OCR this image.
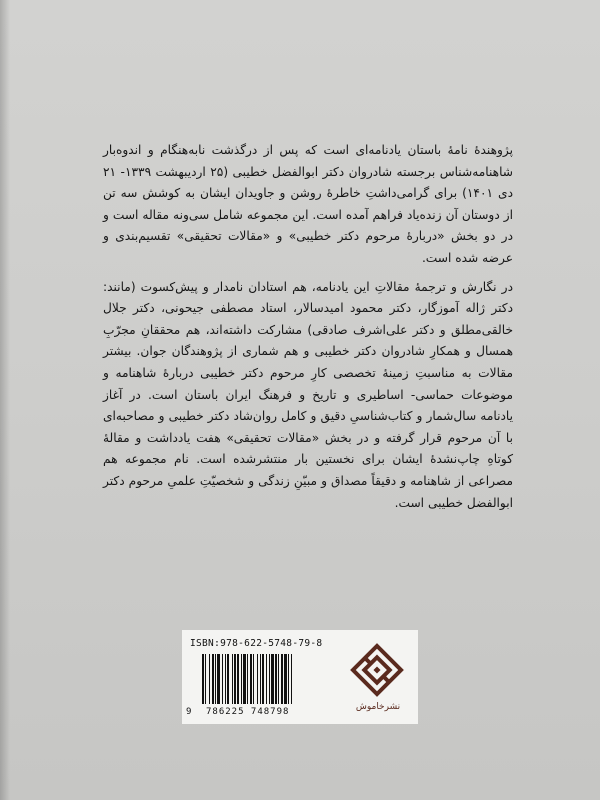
پژوهندهٔ نامهٔ باستان یادنامه‌ای است که پس از درگذشت نابه‌هنگام و اندوه‌بار شاهنامه‌شناس برجسته شادروان دکتر ابوالفضل خطیبی (۲۵ اردیبهشت ۱۳۳۹- ۲۱ دی ۱۴۰۱) برای گرامی‌داشتِ خاطرهٔ روشن و جاویدان ایشان به کوشش سه تن از دوستان آن زنده‌یاد فراهم آمده است. این مجموعه شامل سی‌ونه مقاله است و در دو بخش «دربارهٔ مرحوم دکتر خطیبی» و «مقالات تحقیقی» تقسیم‌بندی و عرضه شده است.

در نگارش و ترجمهٔ مقالاتِ این یادنامه، هم استادان نامدار و پیش‌کسوت (مانند: دکتر ژاله آموزگار، دکتر محمود امیدسالار، استاد مصطفی جیحونی، دکتر جلال خالقی‌مطلق و دکتر علی‌اشرف صادقی) مشارکت داشته‌اند، هم محققانِ مجرّبِ همسال و همکارِ شادروان دکتر خطیبی و هم شماری از پژوهندگان جوان. بیشتر مقالات به مناسبتِ زمینهٔ تخصصی کارِ مرحوم دکتر خطیبی دربارهٔ شاهنامه و موضوعات حماسی- اساطیری و تاریخ و فرهنگ ایران باستان است. در آغاز یادنامه سال‌شمار و کتاب‌شناسیِ دقیق و کامل روان‌شاد دکتر خطیبی و مصاحبه‌ای با آن مرحوم قرار گرفته و در بخش «مقالات تحقیقی» هفت یادداشت و مقالهٔ کوتاهِ چاپ‌نشدهٔ ایشان برای نخستین بار منتشرشده است. نام مجموعه هم مصراعی از شاهنامه و دقیقاً مصداق و مبیّنِ زندگی و شخصیّتِ علمیِ مرحوم دکتر ابوالفضل خطیبی است.

ISBN:978-622-5748-79-8
9 786225 748798	نشرخاموش
